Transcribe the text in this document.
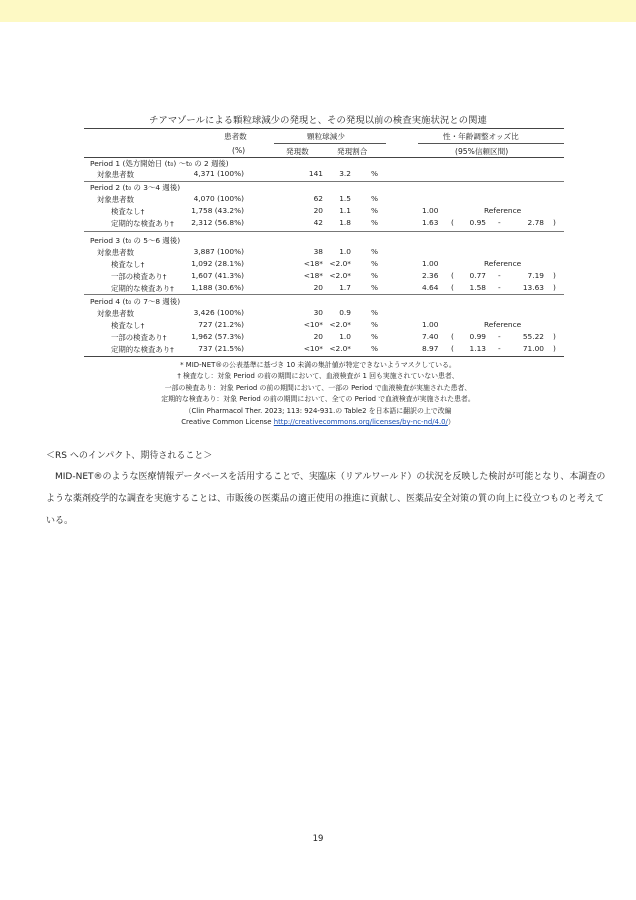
チアマゾールによる顆粒球減少の発現と、その発現以前の検査実施状況との関連
患者数	顆粒球減少	性・年齢調整オッズ比
(%)	発現数	発現割合	(95%信頼区間)
Period 1 (処方開始日 (t₀) ～t₀ の 2 週後)
対象患者数	4,371 (100%)	141 3.2	%
Period 2 (t₀ の 3～4 週後)
対象患者数	4,070 (100%)	62 1.5	%
検査なし†	1,758 (43.2%)	20 1.1	%	1.00	Reference
定期的な検査あり† 2,312 (56.8%)	42 1.8	%	1.63 ( 0.95 -	2.78 )
Period 3 (t₀ の 5～6 週後)
対象患者数	3,887 (100%)	38 1.0	%
検査なし†	1,092 (28.1%)	<18* <2.0*	%	1.00	Reference
一部の検査あり†	1,607 (41.3%)	<18* <2.0*	%	2.36 ( 0.77 -	7.19 )
定期的な検査あり† 1,188 (30.6%)	20 1.7	%	4.64 ( 1.58 -	13.63 )
Period 4 (t₀ の 7～8 週後)
対象患者数	3,426 (100%)	30 0.9	%
検査なし†	727 (21.2%)	<10* <2.0*	%	1.00	Reference
一部の検査あり†	1,962 (57.3%)	20 1.0	%	7.40 ( 0.99 -	55.22 )
定期的な検査あり†	737 (21.5%)	<10* <2.0*	%	8.97 ( 1.13 -	71.00 )
* MID-NET®の公表基準に基づき 10 未満の集計値が特定できないようマスクしている。
† 検査なし：対象 Period の前の期間において、血液検査が 1 回も実施されていない患者、
一部の検査あり：対象 Period の前の期間において、一部の Period で血液検査が実施された患者、
定期的な検査あり：対象 Period の前の期間において、全ての Period で血液検査が実施された患者。
（Clin Pharmacol Ther. 2023; 113: 924-931.の Table2 を日本語に翻訳の上で改編
Creative Common License http://creativecommons.org/licenses/by-nc-nd/4.0/）
＜RS へのインパクト、期待されること＞
　MID-NET®のような医療情報データベースを活用することで、実臨床（リアルワールド）の状況を反映した検討が可能となり、本調査のような薬剤疫学的な調査を実施することは、市販後の医薬品の適正使用の推進に貢献し、医薬品安全対策の質の向上に役立つものと考えている。
19
